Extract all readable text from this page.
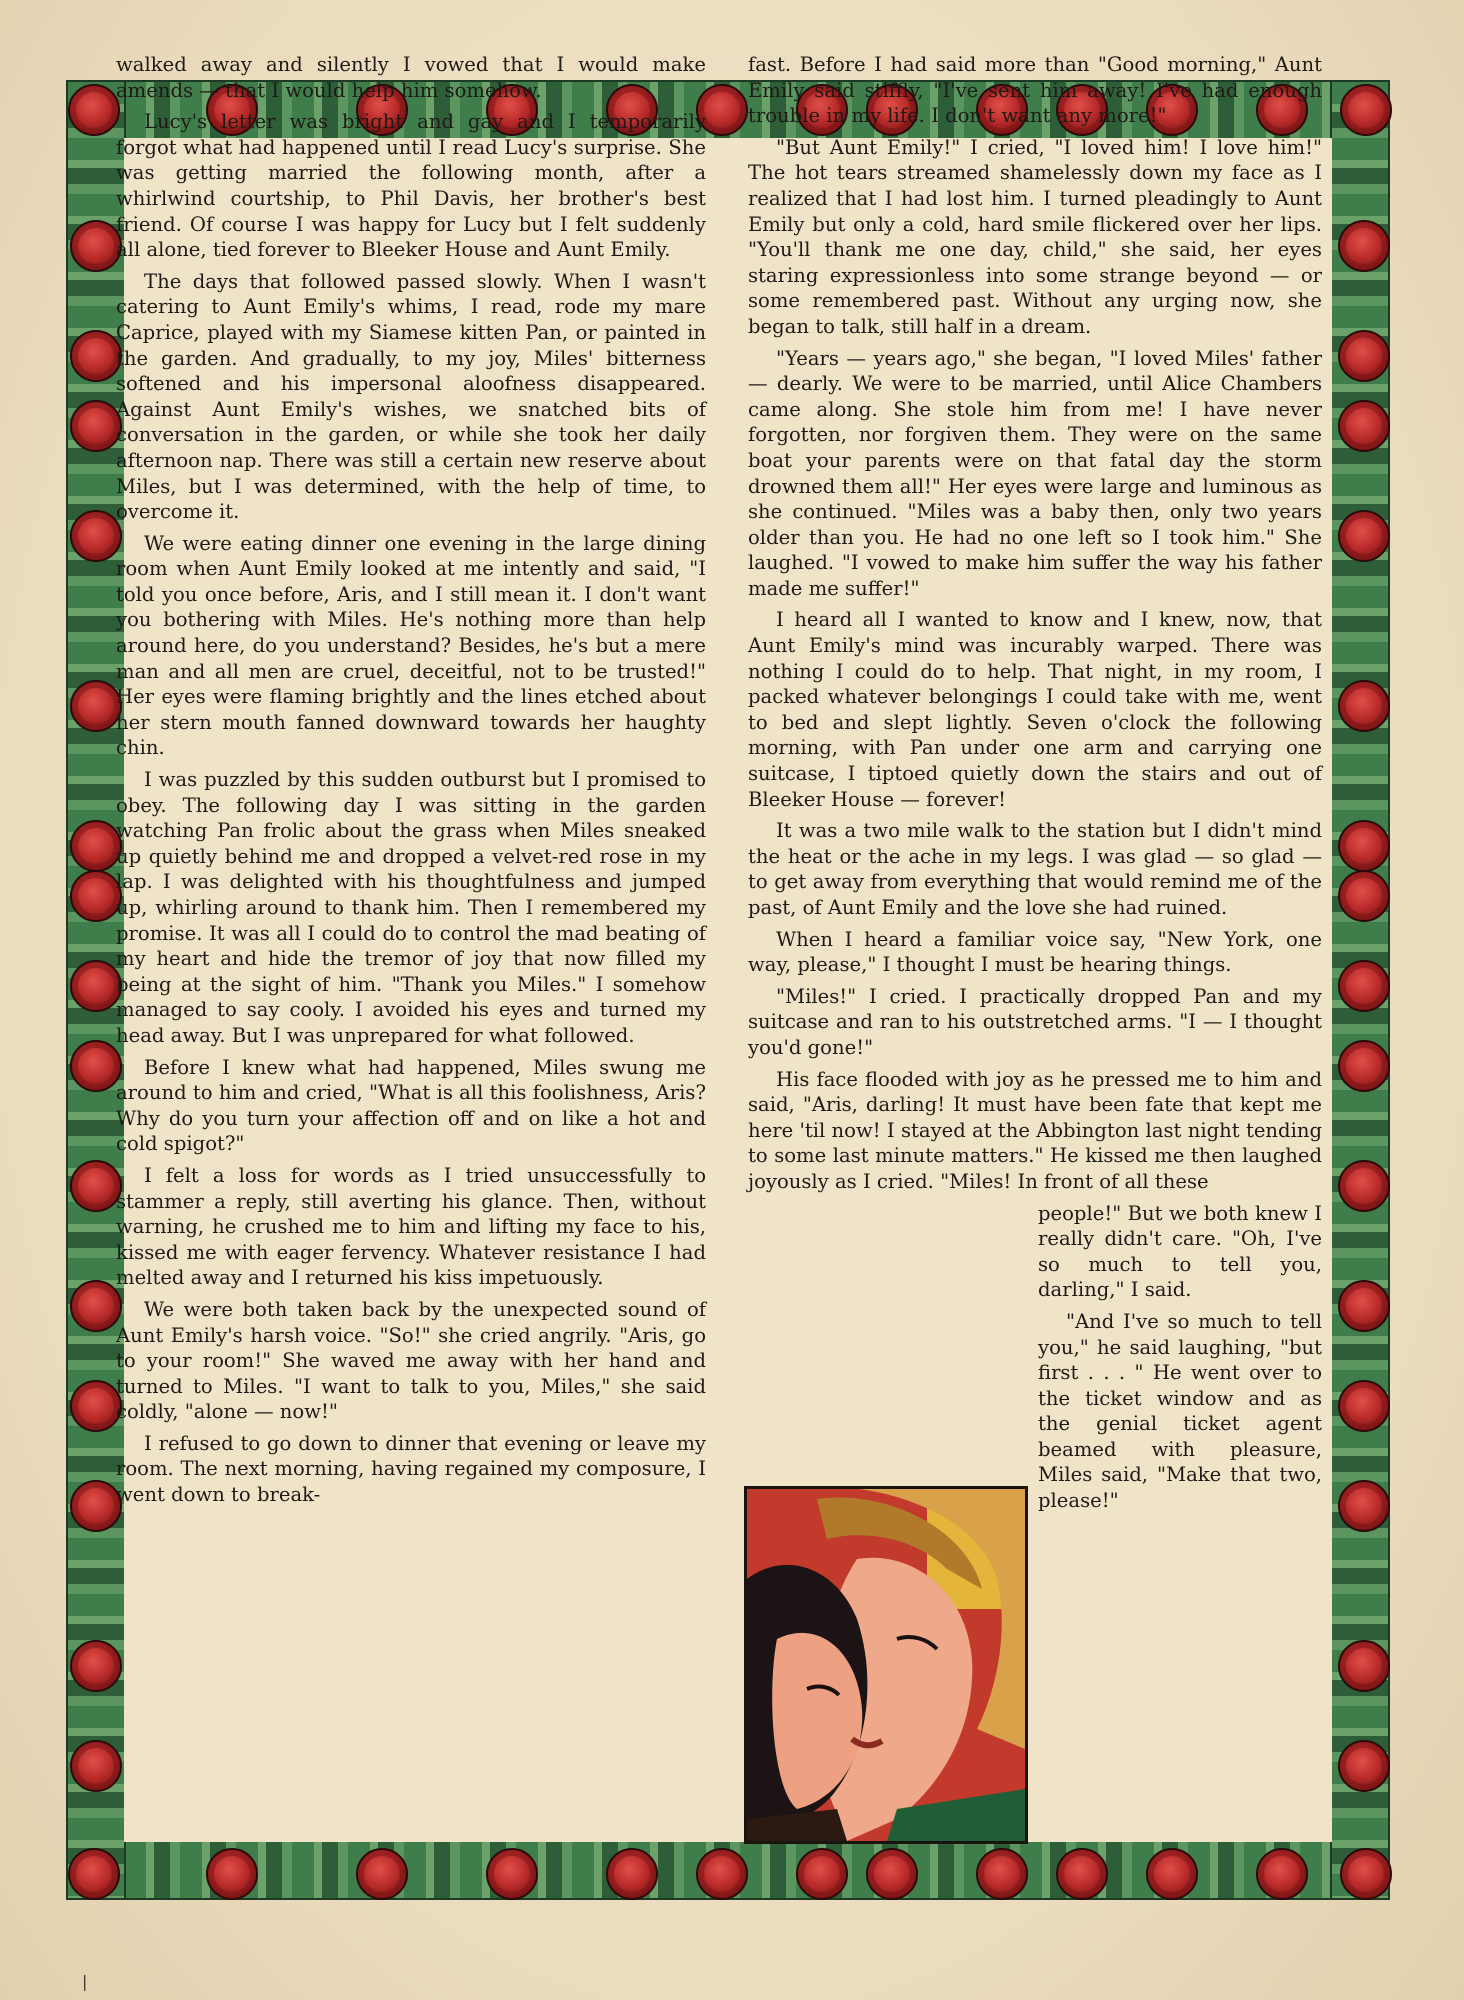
walked away and silently I vowed that I would make amends — that I would help him somehow.

Lucy's letter was bright and gay and I temporarily forgot what had happened until I read Lucy's surprise. She was getting married the following month, after a whirlwind courtship, to Phil Davis, her brother's best friend. Of course I was happy for Lucy but I felt suddenly all alone, tied forever to Bleeker House and Aunt Emily.

The days that followed passed slowly. When I wasn't catering to Aunt Emily's whims, I read, rode my mare Caprice, played with my Siamese kitten Pan, or painted in the garden. And gradually, to my joy, Miles' bitterness softened and his impersonal aloofness disappeared. Against Aunt Emily's wishes, we snatched bits of conversation in the garden, or while she took her daily afternoon nap. There was still a certain new reserve about Miles, but I was determined, with the help of time, to overcome it.

We were eating dinner one evening in the large dining room when Aunt Emily looked at me intently and said, "I told you once before, Aris, and I still mean it. I don't want you bothering with Miles. He's nothing more than help around here, do you understand? Besides, he's but a mere man and all men are cruel, deceitful, not to be trusted!" Her eyes were flaming brightly and the lines etched about her stern mouth fanned downward towards her haughty chin.

I was puzzled by this sudden outburst but I promised to obey. The following day I was sitting in the garden watching Pan frolic about the grass when Miles sneaked up quietly behind me and dropped a velvet-red rose in my lap. I was delighted with his thoughtfulness and jumped up, whirling around to thank him. Then I remembered my promise. It was all I could do to control the mad beating of my heart and hide the tremor of joy that now filled my being at the sight of him. "Thank you Miles." I somehow managed to say cooly. I avoided his eyes and turned my head away. But I was unprepared for what followed.

Before I knew what had happened, Miles swung me around to him and cried, "What is all this foolishness, Aris? Why do you turn your affection off and on like a hot and cold spigot?"

I felt a loss for words as I tried unsuccessfully to stammer a reply, still averting his glance. Then, without warning, he crushed me to him and lifting my face to his, kissed me with eager fervency. Whatever resistance I had melted away and I returned his kiss impetuously.

We were both taken back by the unexpected sound of Aunt Emily's harsh voice. "So!" she cried angrily. "Aris, go to your room!" She waved me away with her hand and turned to Miles. "I want to talk to you, Miles," she said coldly, "alone — now!"

I refused to go down to dinner that evening or leave my room. The next morning, having regained my composure, I went down to break-

fast. Before I had said more than "Good morning," Aunt Emily said stiffly, "I've sent him away! I've had enough trouble in my life. I don't want any more!"

"But Aunt Emily!" I cried, "I loved him! I love him!" The hot tears streamed shamelessly down my face as I realized that I had lost him. I turned pleadingly to Aunt Emily but only a cold, hard smile flickered over her lips. "You'll thank me one day, child," she said, her eyes staring expressionless into some strange beyond — or some remembered past. Without any urging now, she began to talk, still half in a dream.

"Years — years ago," she began, "I loved Miles' father — dearly. We were to be married, until Alice Chambers came along. She stole him from me! I have never forgotten, nor forgiven them. They were on the same boat your parents were on that fatal day the storm drowned them all!" Her eyes were large and luminous as she continued. "Miles was a baby then, only two years older than you. He had no one left so I took him." She laughed. "I vowed to make him suffer the way his father made me suffer!"

I heard all I wanted to know and I knew, now, that Aunt Emily's mind was incurably warped. There was nothing I could do to help. That night, in my room, I packed whatever belongings I could take with me, went to bed and slept lightly. Seven o'clock the following morning, with Pan under one arm and carrying one suitcase, I tiptoed quietly down the stairs and out of Bleeker House — forever!

It was a two mile walk to the station but I didn't mind the heat or the ache in my legs. I was glad — so glad — to get away from everything that would remind me of the past, of Aunt Emily and the love she had ruined.

When I heard a familiar voice say, "New York, one way, please," I thought I must be hearing things.

"Miles!" I cried. I practically dropped Pan and my suitcase and ran to his outstretched arms. "I — I thought you'd gone!"

His face flooded with joy as he pressed me to him and said, "Aris, darling! It must have been fate that kept me here 'til now! I stayed at the Abbington last night tending to some last minute matters." He kissed me then laughed joyously as I cried. "Miles! In front of all these

people!" But we both knew I really didn't care. "Oh, I've so much to tell you, darling," I said.

"And I've so much to tell you," he said laughing, "but first . . . " He went over to the ticket window and as the genial ticket agent beamed with pleasure, Miles said, "Make that two, please!"

|
